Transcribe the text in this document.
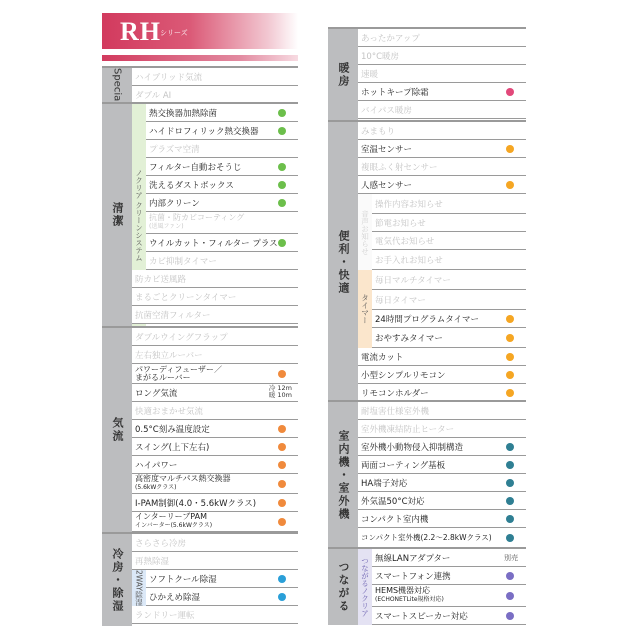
RH シリーズ
Special	ハイブリッド気流
ダブル AI
清潔 ノクリア クリーンシステム
熱交換器加熱除菌
ハイドロフィリック熱交換器
プラズマ空清
フィルター自動おそうじ
洗えるダストボックス
内部クリーン
抗菌・防カビコーティング
(送風ファン)
ウイルカット・フィルター プラス
カビ抑制タイマー
防カビ送風路
まるごとクリーンタイマー
抗菌空清フィルター
気流
ダブルウイングフラップ
左右独立ルーバー
パワーディフューザー／
まがるルーバー
ロング気流
冷 12m
暖 10m
快適おまかせ気流
0.5°C刻み温度設定
スイング(上下左右)
ハイパワー
高密度マルチパス熱交換器
(5.6kWクラス)
I-PAM制御(4.0・5.6kWクラス)
インターリーブPAM
インバーター(5.6kWクラス)
冷房・除湿
さらさら冷房
再熱除湿
2WAY除湿 ソフトクール除湿
ひかえめ除湿
ランドリー運転
暖房
あったかアップ
10°C暖房
速暖
ホットキープ除霜
バイパス暖房
便利・快適
みまもり
室温センサー
複眼ふく射センサー
人感センサー
音声お知らせ
操作内容お知らせ
節電お知らせ
電気代お知らせ
お手入れお知らせ
タイマー
毎日マルチタイマー
毎日タイマー
24時間プログラムタイマー
おやすみタイマー
電流カット
小型シンプルリモコン
リモコンホルダー
室内機・室外機
耐塩害仕様室外機
室外機凍結防止ヒーター
室外機小動物侵入抑制構造
両面コーティング基板
HA端子対応
外気温50°C対応
コンパクト室内機
コンパクト室外機(2.2〜2.8kWクラス)
つながる つながるノクリア 無線LANアダプター	別売
スマートフォン連携
HEMS機器対応
(ECHONETLite規格対応)
スマートスピーカー対応
